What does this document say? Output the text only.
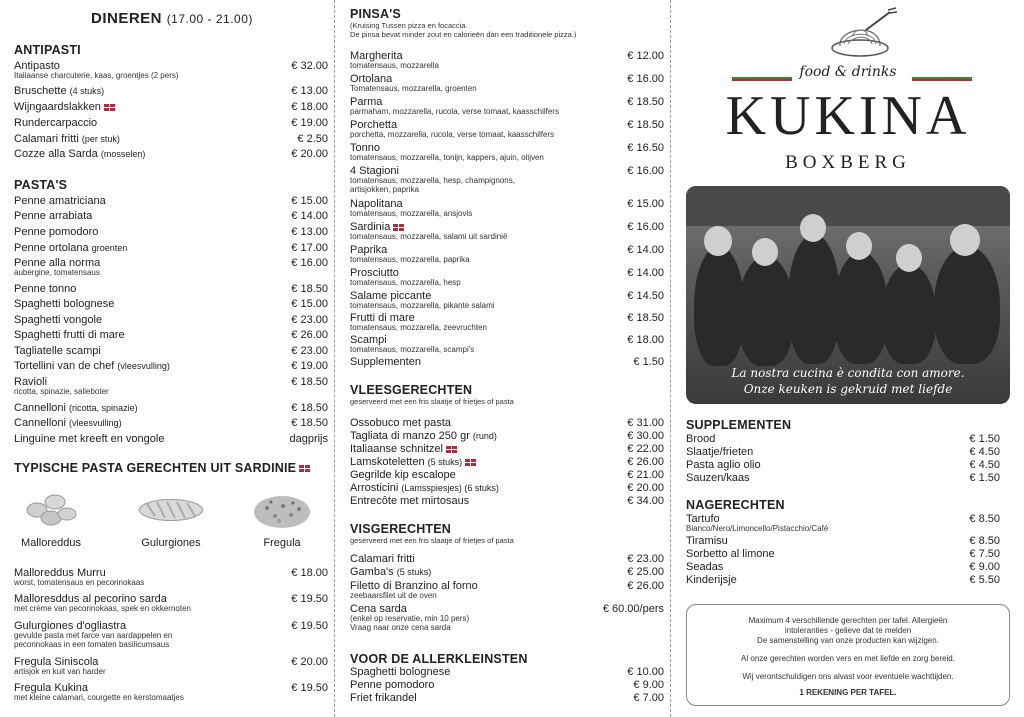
DINEREN (17.00 - 21.00)
ANTIPASTI
Antipasto
Italiaanse charcuterie, kaas, groentjes (2 pers)
€ 32.00
Bruschette (4 stuks)	€ 13.00
Wijngaardslakken	€ 18.00
Rundercarpaccio	€ 19.00
Calamari fritti (per stuk)	€ 2.50
Cozze alla Sarda (mosselen)	€ 20.00
PASTA'S
Penne amatriciana	€ 15.00
Penne arrabiata	€ 14.00
Penne pomodoro	€ 13.00
Penne ortolana groenten	€ 17.00
Penne alla norma
aubergine, tomatensaus
€ 16.00
Penne tonno	€ 18.50
Spaghetti bolognese	€ 15.00
Spaghetti vongole	€ 23.00
Spaghetti frutti di mare	€ 26.00
Tagliatelle scampi	€ 23.00
Tortellini van de chef (vleesvulling)	€ 19.00
Ravioli
ricotta, spinazie, salieboter
€ 18.50
Cannelloni (ricotta, spinazie)	€ 18.50
Cannelloni (vleesvulling)	€ 18.50
Linguine met kreeft en vongole	dagprijs
TYPISCHE PASTA GERECHTEN UIT SARDINIE
Malloreddus	Gulurgiones	Fregula
Malloreddus Murru
worst, tomatensaus en pecorinokaas
€ 18.00
Malloresddus al pecorino sarda
met crème van pecorinokaas, spek en okkernoten
€ 19.50
Gulurgiones d'ogliastra
gevulde pasta met farce van aardappelen en pecorinokaas in een tomaten basilicumsaus
€ 19.50
Fregula Siniscola
artisjok en kuit van harder
€ 20.00
Fregula Kukina
met kleine calamari, courgette en kerstomaatjes
€ 19.50
PINSA'S
(Kruising Tussen pizza en focaccia.
De pinsa bevat minder zout en calorieën dan een traditionele pizza.)
Margherita
tomatensaus, mozzarella
€ 12.00
Ortolana
Tomatensaus, mozzarella, groenten
€ 16.00
Parma
parmaham, mozzarella, rucola, verse tomaat, kaasschilfers
€ 18.50
Porchetta
porchetta, mozzarella, rucola, verse tomaat, kaasschilfers
€ 18.50
Tonno
tomatensaus, mozzarella, tonijn, kappers, ajuin, olijven
€ 16.50
4 Stagioni
tomatensaus, mozzarella, hesp, champignons,
artisjokken, paprika
€ 16.00
Napolitana
tomatensaus, mozzarella, ansjovis
€ 15.00
Sardinia
tomatensaus, mozzarella, salami uit sardinië
€ 16.00
Paprika
tomatensaus, mozzarella, paprika
€ 14.00
Prosciutto
tomatensaus, mozzarella, hesp
€ 14.00
Salame piccante
tomatensaus, mozzarella, pikante salami
€ 14.50
Frutti di mare
tomatensaus, mozzarella, zeevruchten
€ 18.50
Scampi
tomatensaus, mozzarella, scampi's
€ 18.00
Supplementen	€ 1.50
VLEESGERECHTEN
geserveerd met een fris slaatje of frietjes of pasta
Ossobuco met pasta	€ 31.00
Tagliata di manzo 250 gr (rund)	€ 30.00
Italiaanse schnitzel	€ 22.00
Lamskoteletten (5 stuks)	€ 26.00
Gegrilde kip escalope	€ 21.00
Arrosticini (Lamsspiesjes) (6 stuks)	€ 20.00
Entrecôte met mirtosaus	€ 34.00
VISGERECHTEN
geserveerd met een fris slaatje of frietjes of pasta
Calamari fritti	€ 23.00
Gamba's (5 stuks)	€ 25.00
Filetto di Branzino al forno
zeebaarsfilet uit de oven
€ 26.00
Cena sarda
(enkel op reservatie, min 10 pers)
Vraag naar onze cena sarda
€ 60.00/pers
VOOR DE ALLERKLEINSTEN
Spaghetti bolognese	€ 10.00
Penne pomodoro	€ 9.00
Friet frikandel	€ 7.00
food & drinks
KUKINA
BOXBERG
La nostra cucina è condita con amore.
Onze keuken is gekruid met liefde
SUPPLEMENTEN
Brood	€ 1.50
Slaatje/frieten	€ 4.50
Pasta aglio olio	€ 4.50
Sauzen/kaas	€ 1.50
NAGERECHTEN
Tartufo
Bianco/Nero/Limoncello/Pistacchio/Café
€ 8.50
Tiramisu	€ 8.50
Sorbetto al limone	€ 7.50
Seadas	€ 9.00
Kinderijsje	€ 5.50
Maximum 4 verschillende gerechten per tafel. Allergieën
intoleranties - gelieve dat te melden
De samenstelling van onze producten kan wijzigen.
Al onze gerechten worden vers en met liefde en zorg bereid.
Wij verontschuldigen ons alvast voor eventuele wachttijden.
1 REKENING PER TAFEL.
